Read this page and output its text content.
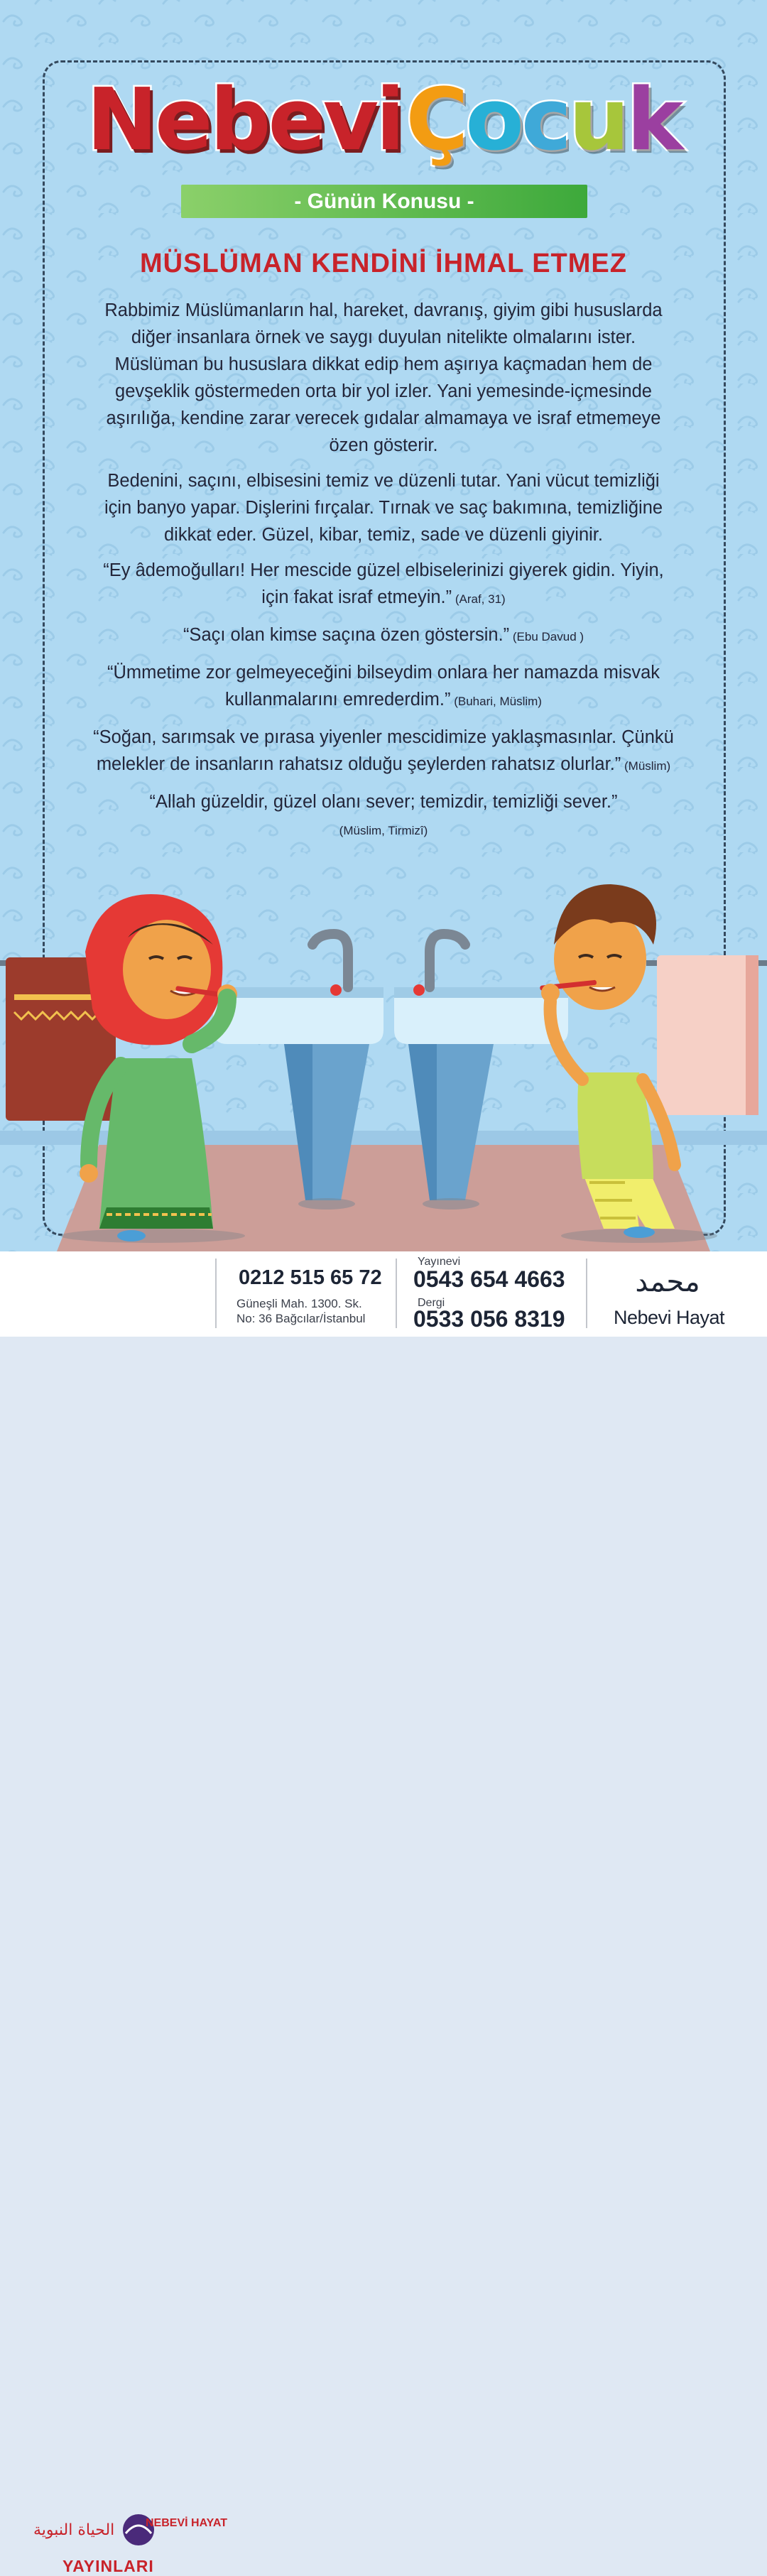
Nebevi Çocuk
- Günün Konusu -
MÜSLÜMAN KENDİNİ İHMAL ETMEZ

Rabbimiz Müslümanların hal, hareket, davranış, giyim gibi hususlarda diğer insanlara örnek ve saygı duyulan nitelikte olmalarını ister. Müslüman bu hususlara dikkat edip hem aşırıya kaçmadan hem de gevşeklik göstermeden orta bir yol izler. Yani yemesinde-içmesinde aşırılığa, kendine zarar verecek gıdalar almamaya ve israf etmemeye özen gösterir.

Bedenini, saçını, elbisesini temiz ve düzenli tutar. Yani vücut temizliği için banyo yapar. Dişlerini fırçalar. Tırnak ve saç bakımına, temizliğine dikkat eder. Güzel, kibar, temiz, sade ve düzenli giyinir.

“Ey âdemoğulları! Her mescide güzel elbiselerinizi giyerek gidin. Yiyin, için fakat israf etmeyin.” (Araf, 31)

“Saçı olan kimse saçına özen göstersin.” (Ebu Davud )

“Ümmetime zor gelmeyeceğini bilseydim onlara her namazda misvak kullanmalarını emrederdim.” (Buhari, Müslim)

“Soğan, sarımsak ve pırasa yiyenler mescidimize yaklaşmasınlar. Çünkü melekler de insanların rahatsız olduğu şeylerden rahatsız olurlar.” (Müslim)

“Allah güzeldir, güzel olanı sever; temizdir, temizliği sever.”
(Müslim, Tirmizî)

الحياة النبوية	NEBEVİ HAYAT
YAYINLARI
0212 515 65 72
Güneşli Mah. 1300. Sk.
No: 36 Bağcılar/İstanbul
Yayınevi
0543 654 4663
Dergi
0533 056 8319
محمد
Nebevi Hayat
